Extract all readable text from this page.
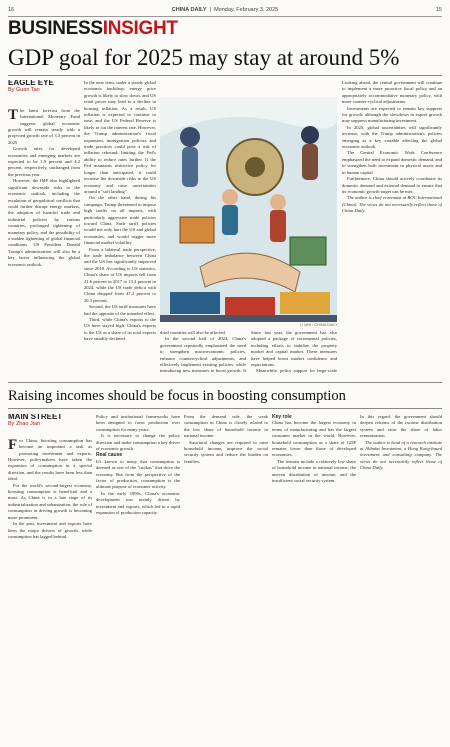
16	CHINA DAILY  |  Monday, February 3, 2025	15
BUSINESSINSIGHT
GDP goal for 2025 may stay at around 5%
EAGLE EYE
By Guan Tao

The latest forecast from the International Monetary Fund suggests global economic growth will remain steady with a projected growth rate of 3.3 percent in 2025.

Growth rates for developed economies and emerging markets are expected to be 1.9 percent and 4.2 percent, respectively, unchanged from the previous year.

However, the IMF also highlighted significant downside risks to the economic outlook, including the escalation of geopolitical conflicts that could further disrupt energy markets, the adoption of harmful trade and industrial policies by various countries, prolonged tightening of monetary policy, and the possibility of a sudden tightening of global financial conditions. US President Donald Trump's administration will also be a key factor influencing the global economic outlook.

In the near term, under a steady global economic backdrop, energy price growth is likely to slow down, and US retail prices may lead to a decline in housing inflation. As a result, US inflation is expected to continue to ease, and the US Federal Reserve is likely to cut the interest rate. However, the Trump administration's fiscal expansion, immigration policies and trade practices could pose a risk of inflation rebound, limiting the Fed's ability to reduce rates further. If the Fed maintains restrictive policy for longer than anticipated, it could increase the downside risks to the US economy and raise uncertainties around a "soft landing".

On the other hand, during his campaign, Trump threatened to impose high tariffs on all imports, with particularly aggressive trade policies toward China. Such tariff policies would not only hurt the US and global economies, and would trigger more financial market volatility.

From a bilateral trade perspective, the trade imbalance between China and the US has significantly improved since 2018. According to US statistics, China's share of US imports fell from 21.6 percent in 2017 to 13.4 percent in 2024, while the US trade deficit with China dropped from 47.2 percent to 26.3 percent.

Second, the US tariff measures have had the opposite of the intended effect.

Third, while China's exports to the US have stayed high, China's exports to the US as a share of its total exports have steadily declined.

LI MIN / CHINA DAILY

third countries will also be affected.

In the second half of 2024, China's government repeatedly emphasized the need to strengthen macroeconomic policies, enhance countercyclical adjustments, and effectively implement existing policies, while introducing new measures to boost growth. It

Since last year, the government has also adopted a package of incremental policies, including efforts to stabilize the property market and capital market. These measures have helped boost market confidence and expectations.

Meanwhile, policy support for large-scale

Looking ahead, the central government will continue to implement a more proactive fiscal policy and an appropriately accommodative monetary policy, with more counter-cyclical adjustments.

Investments are expected to remain key supports for growth, although the slowdown in export growth may suppress manufacturing investment.

In 2025, global uncertainties will significantly increase, with the Trump administration's policies emerging as a key variable affecting the global economic outlook.

The Central Economic Work Conference emphasized the need to expand domestic demand, and to strengthen both investment in physical assets and in human capital.

Furthermore, China should actively coordinate its domestic demand and external demand to ensure that its economic growth target can be met.

The author is chief economist at BOC International (China). The views do not necessarily reflect those of China Daily.

Raising incomes should be focus in boosting consumption
MAIN STREET
By Zhao Jian

For China, boosting consumption has become an important a task as promoting investment and exports. However, policymakers have taken the expansion of consumption in a special direction, and the results have been less than ideal.

For the world's second-largest economy, boosting consumption is beneficial and a must. As China is in a late stage of its industrialization and urbanization, the role of consumption in driving growth is becoming more prominent.

In the past, investment and exports have been the major drivers of growth, while consumption has lagged behind.

Policy and institutional frameworks have been designed to favor production over consumption for many years.

It is necessary to change the policy direction and make consumption a key driver of economic growth.

Real cause

It's known to many that consumption is deemed as one of the "troikas" that drive the economy. But from the perspective of the factor of production, consumption is the ultimate purpose of economic activity.

In the early 1990s, China's economic development was mainly driven by investment and exports, which led to a rapid expansion of production capacity.

From the demand side, the weak consumption in China is closely related to the low share of household income in national income.

Structural changes are required to raise household income, improve the social security system and reduce the burden on families.

Key role

China has become the largest economy in terms of manufacturing and has the largest consumer market in the world. However, household consumption as a share of GDP remains lower than those of developed economies.

The reasons include a relatively low share of household income in national income, the uneven distribution of income, and the insufficient social security system.

In this regard, the government should deepen reforms of the income distribution system and raise the share of labor remuneration.

The author is head of a research institute at Alibaba Investment, a Hong Kong-based investment and consulting company. The views do not necessarily reflect those of China Daily.
